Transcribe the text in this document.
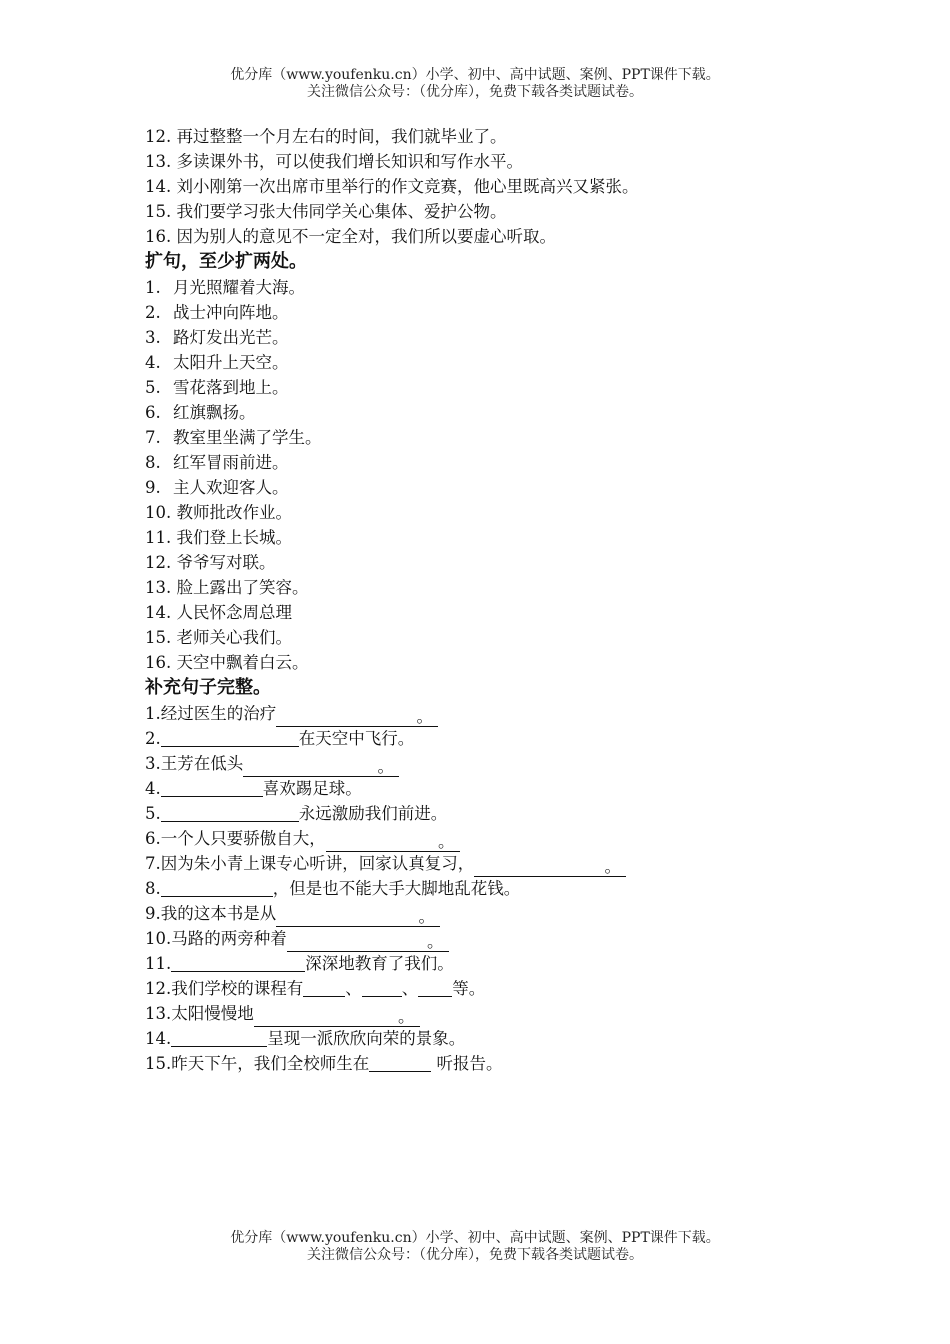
优分库（www.youfenku.cn）小学、初中、高中试题、案例、PPT课件下载。
关注微信公众号：（优分库），免费下载各类试题试卷。
12. 再过整整一个月左右的时间，我们就毕业了。
13. 多读课外书，可以使我们增长知识和写作水平。
14. 刘小刚第一次出席市里举行的作文竞赛，他心里既高兴又紧张。
15. 我们要学习张大伟同学关心集体、爱护公物。
16. 因为别人的意见不一定全对，我们所以要虚心听取。
扩句，至少扩两处。
1. 月光照耀着大海。
2. 战士冲向阵地。
3. 路灯发出光芒。
4. 太阳升上天空。
5. 雪花落到地上。
6. 红旗飘扬。
7. 教室里坐满了学生。
8. 红军冒雨前进。
9. 主人欢迎客人。
10. 教师批改作业。
11. 我们登上长城。
12. 爷爷写对联。
13. 脸上露出了笑容。
14. 人民怀念周总理
15. 老师关心我们。
16. 天空中飘着白云。
补充句子完整。
1.经过医生的治疗	。
2.	在天空中飞行。
3.王芳在低头	。
4.	喜欢踢足球。
5.	永远激励我们前进。
6.一个人只要骄傲自大，	。
7.因为朱小青上课专心听讲，回家认真复习，	。
8.	，但是也不能大手大脚地乱花钱。
9.我的这本书是从	。
10.马路的两旁种着	。
11.	深深地教育了我们。
12.我们学校的课程有	、 、 等。
13.太阳慢慢地	。
14.	呈现一派欣欣向荣的景象。
15.昨天下午，我们全校师生在	听报告。
优分库（www.youfenku.cn）小学、初中、高中试题、案例、PPT课件下载。
关注微信公众号：（优分库），免费下载各类试题试卷。
